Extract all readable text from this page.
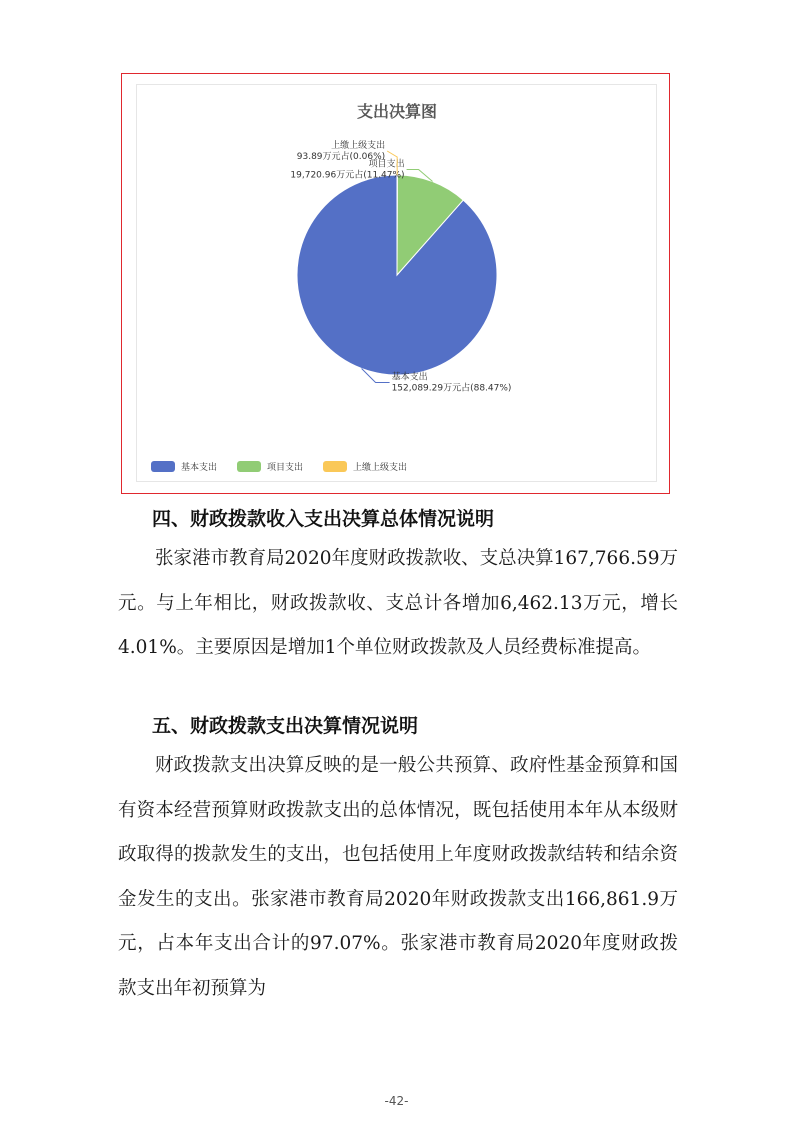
支出决算图
基本支出
152,089.29万元占(88.47%)
项目支出
19,720.96万元占(11.47%)
上缴上级支出
93.89万元占(0.06%)
基本支出	项目支出	上缴上级支出
四、财政拨款收入支出决算总体情况说明

张家港市教育局2020年度财政拨款收、支总决算167,766.59万元。与上年相比，财政拨款收、支总计各增加6,462.13万元，增长4.01%。主要原因是增加1个单位财政拨款及人员经费标准提高。

五、财政拨款支出决算情况说明

财政拨款支出决算反映的是一般公共预算、政府性基金预算和国有资本经营预算财政拨款支出的总体情况，既包括使用本年从本级财政取得的拨款发生的支出，也包括使用上年度财政拨款结转和结余资金发生的支出。张家港市教育局2020年财政拨款支出166,861.9万元，占本年支出合计的97.07%。张家港市教育局2020年度财政拨款支出年初预算为

-42-
